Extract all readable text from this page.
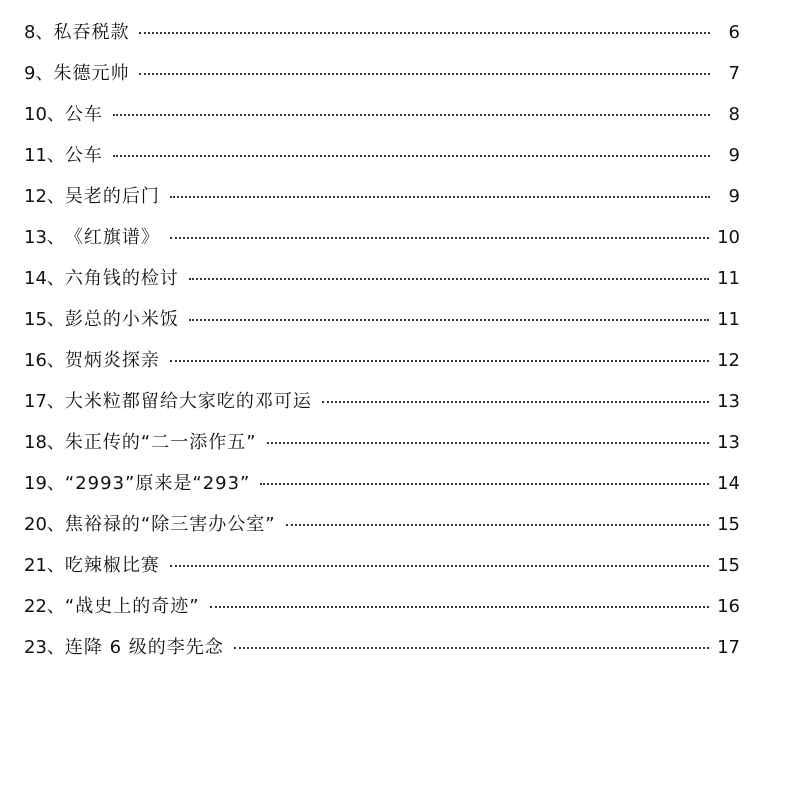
8、 私吞税款	6
9、 朱德元帅	7
10、 公车	8
11、 公车	9
12、 吴老的后门	9
13、 《红旗谱》	10
14、 六角钱的检讨	11
15、 彭总的小米饭	11
16、 贺炳炎探亲	12
17、 大米粒都留给大家吃的邓可运	13
18、 朱正传的“二一添作五”	13
19、 “2993”原来是“293”	14
20、 焦裕禄的“除三害办公室”	15
21、 吃辣椒比赛	15
22、 “战史上的奇迹”	16
23、 连降 6 级的李先念	17
